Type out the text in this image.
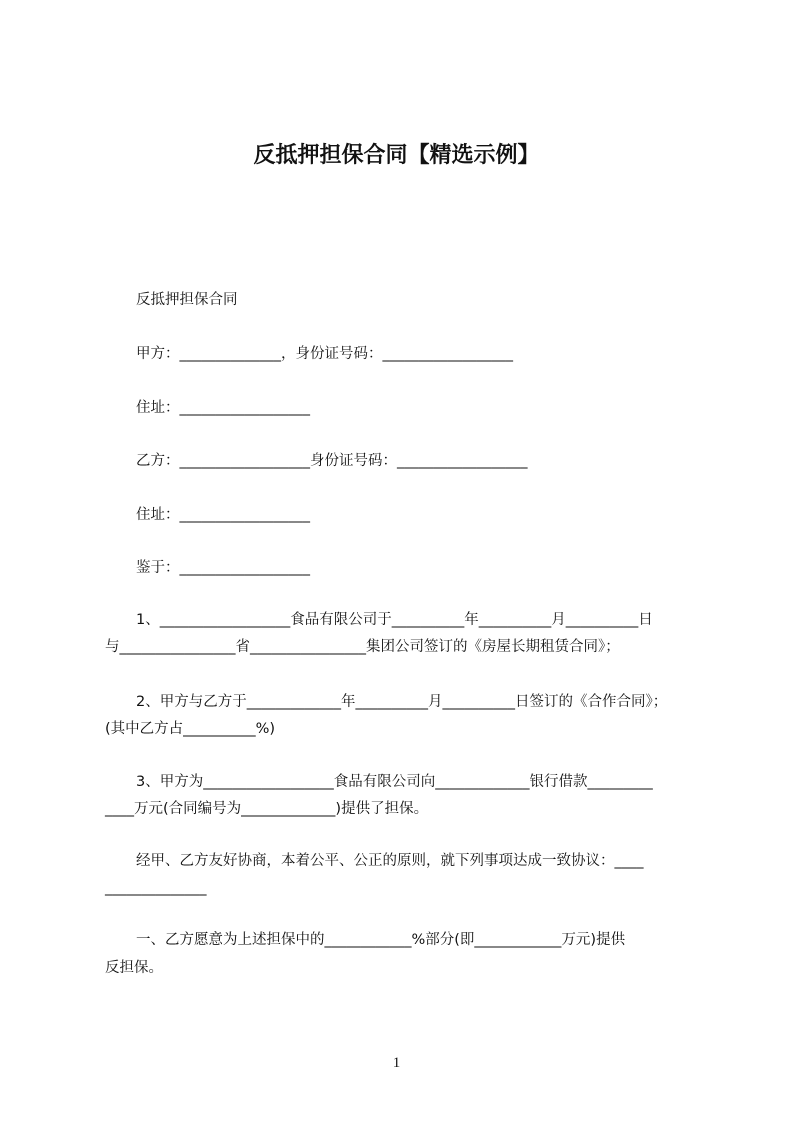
反抵押担保合同【精选示例】
反抵押担保合同
甲方：______________，身份证号码：__________________
住址：__________________
乙方：__________________身份证号码：__________________
住址：__________________
鉴于：__________________
1、__________________食品有限公司于__________年__________月__________日
与________________省________________集团公司签订的《房屋长期租赁合同》；
2、甲方与乙方于_____________年__________月__________日签订的《合作合同》；
(其中乙方占__________%)
3、甲方为__________________食品有限公司向_____________银行借款_________
____万元(合同编号为_____________)提供了担保。
经甲、乙方友好协商，本着公平、公正的原则，就下列事项达成一致协议：____
______________
一、乙方愿意为上述担保中的____________%部分(即____________万元)提供
反担保。
1
